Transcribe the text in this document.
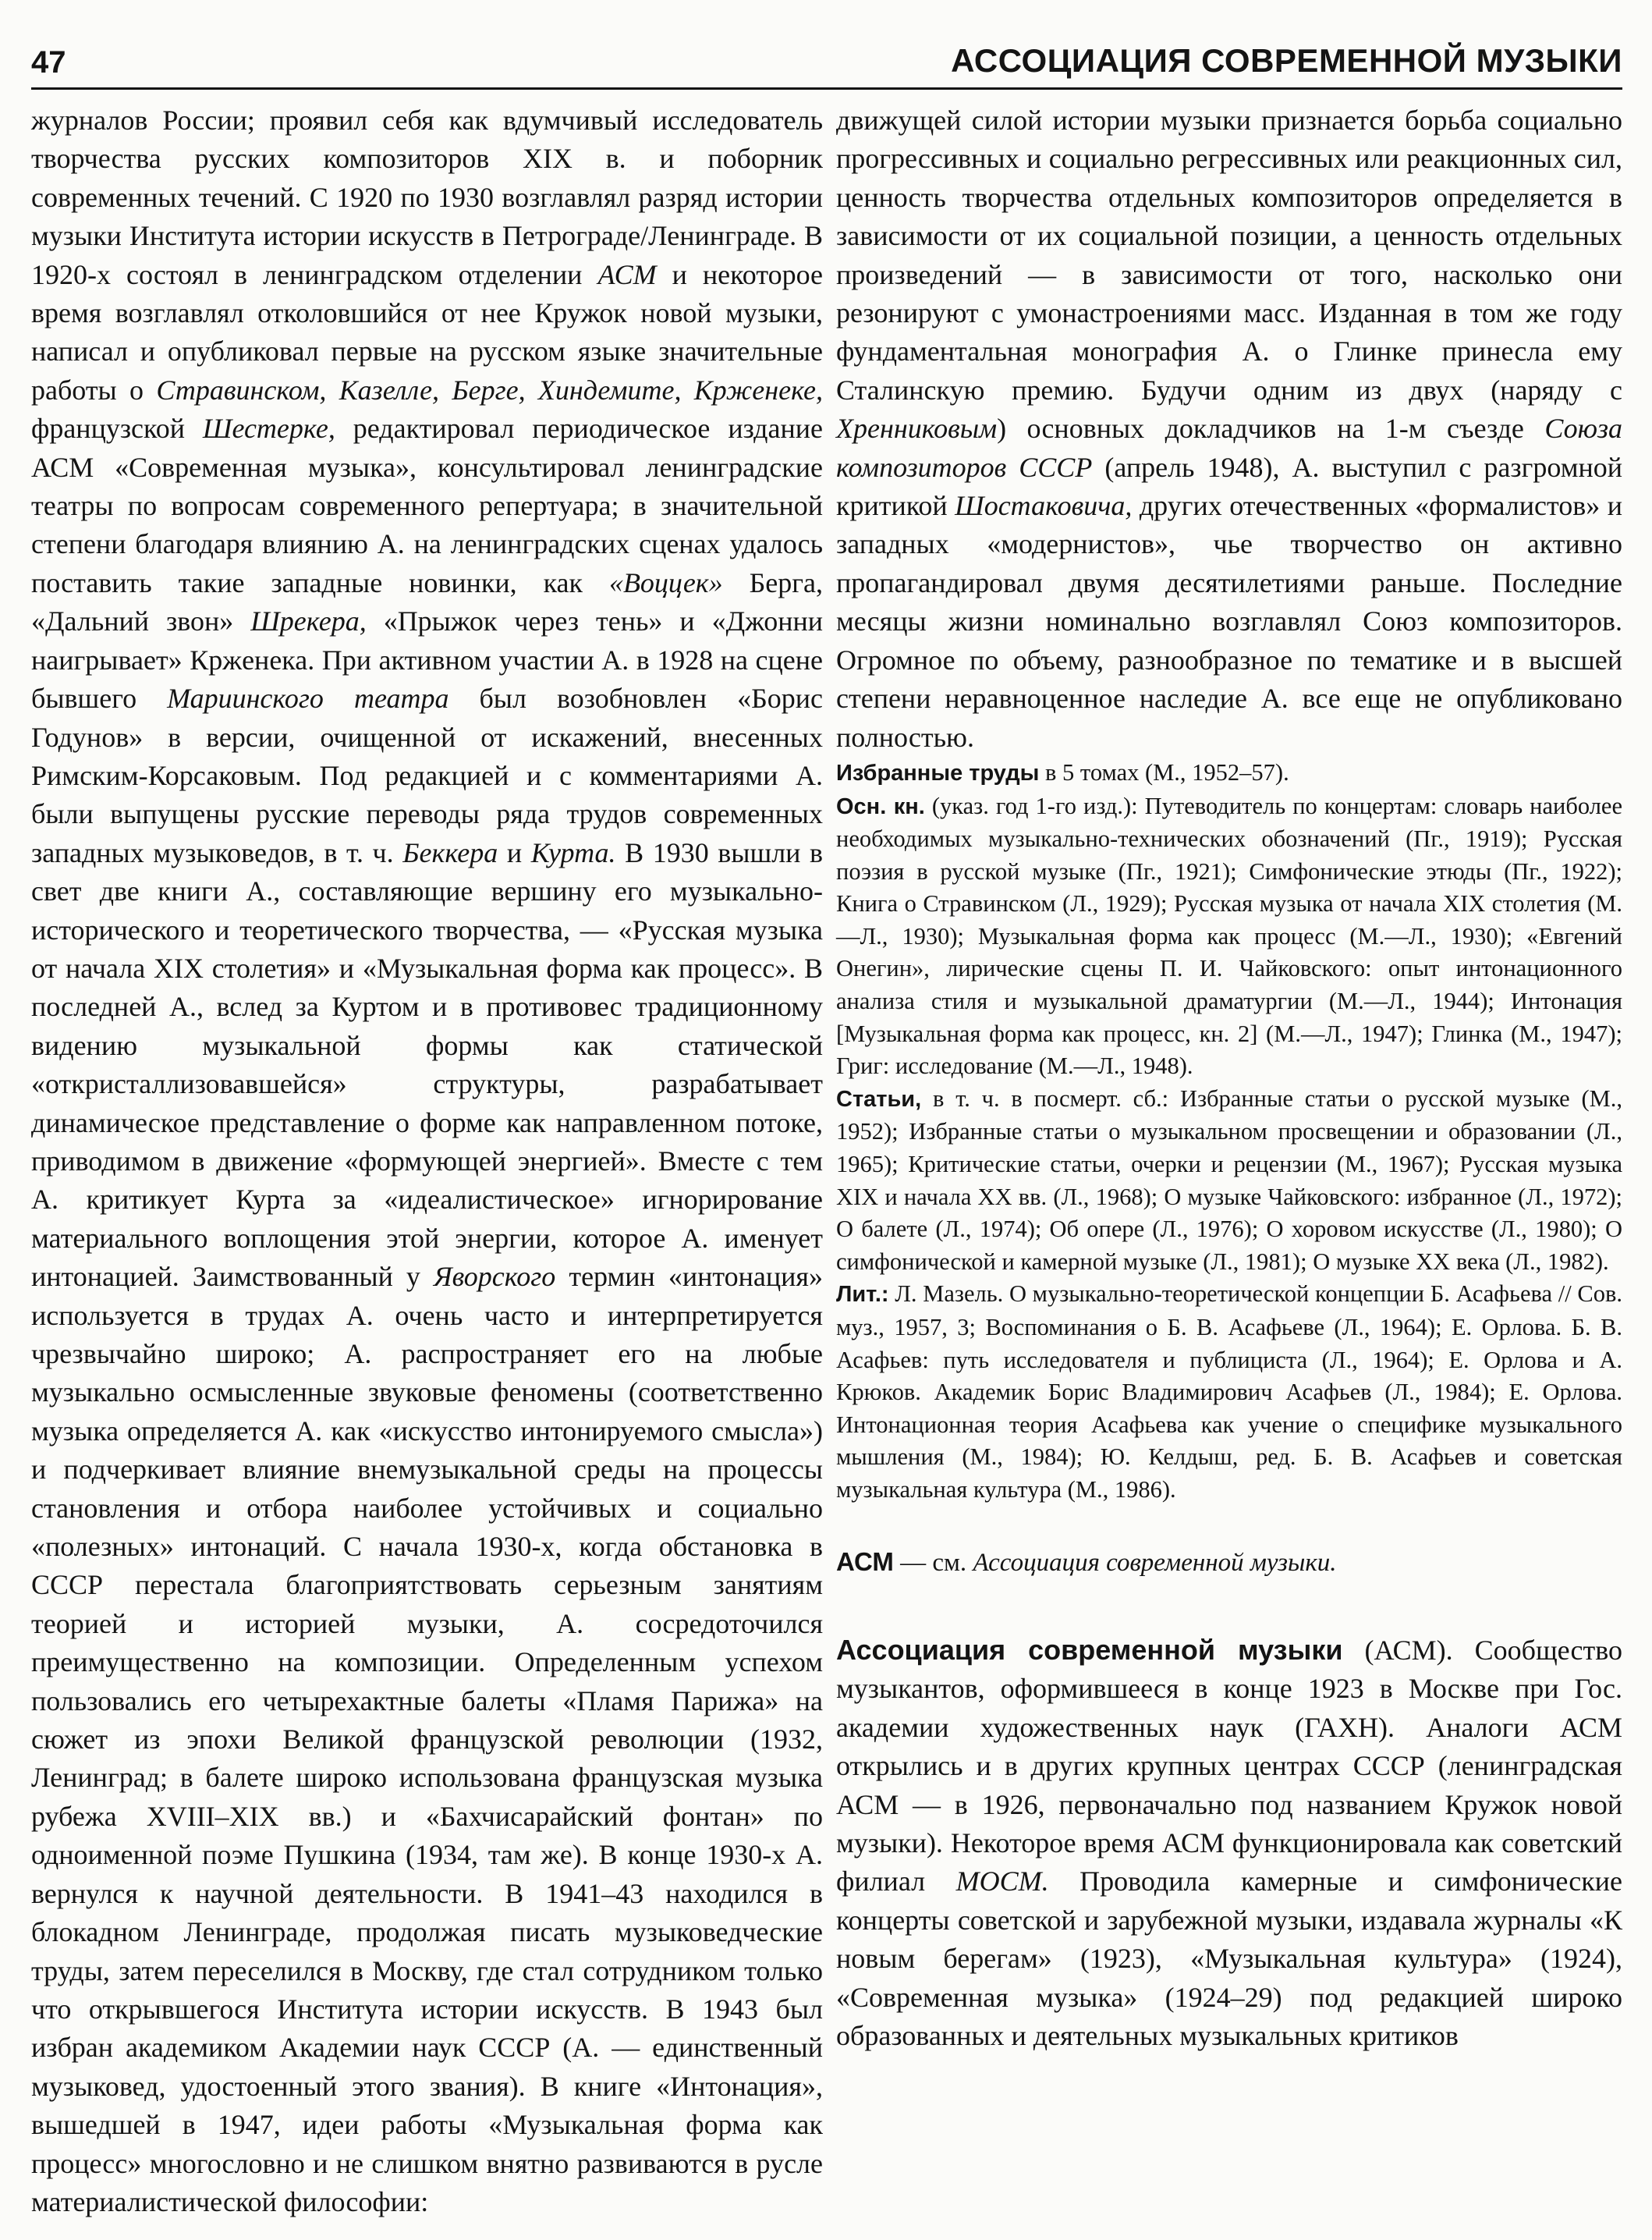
47	АССОЦИАЦИЯ СОВРЕМЕННОЙ МУЗЫКИ

журналов России; проявил себя как вдумчивый исследователь творчества русских композиторов XIX в. и поборник современных течений. С 1920 по 1930 возглавлял разряд истории музыки Института истории искусств в Петрограде/Ленинграде. В 1920-х состоял в ленинградском отделении АСМ и некоторое время возглавлял отколовшийся от нее Кружок новой музыки, написал и опубликовал первые на русском языке значительные работы о Стравинском, Казелле, Берге, Хиндемите, Кржeнеке, французской Шестерке, редактировал периодическое издание АСМ «Современная музыка», консультировал ленинградские театры по вопросам современного репертуара; в значительной степени благодаря влиянию А. на ленинградских сценах удалось поставить такие западные новинки, как «Воццек» Берга, «Дальний звон» Шрекера, «Прыжок через тень» и «Джонни наигрывает» Кржeнека. При активном участии А. в 1928 на сцене бывшего Мариинского театра был возобновлен «Борис Годунов» в версии, очищенной от искажений, внесенных Римским-Корсаковым. Под редакцией и с комментариями А. были выпущены русские переводы ряда трудов современных западных музыковедов, в т. ч. Беккера и Курта. В 1930 вышли в свет две книги А., составляющие вершину его музыкально-исторического и теоретического творчества, — «Русская музыка от начала XIX столетия» и «Музыкальная форма как процесс». В последней А., вслед за Куртом и в противовес традиционному видению музыкальной формы как статической «откристаллизовавшейся» структуры, разрабатывает динамическое представление о форме как направленном потоке, приводимом в движение «формующей энергией». Вместе с тем А. критикует Курта за «идеалистическое» игнорирование материального воплощения этой энергии, которое А. именует интонацией. Заимствованный у Яворского термин «интонация» используется в трудах А. очень часто и интерпретируется чрезвычайно широко; А. распространяет его на любые музыкально осмысленные звуковые феномены (соответственно музыка определяется А. как «искусство интонируемого смысла») и подчеркивает влияние внемузыкальной среды на процессы становления и отбора наиболее устойчивых и социально «полезных» интонаций. С начала 1930-х, когда обстановка в СССР перестала благоприятствовать серьезным занятиям теорией и историей музыки, А. сосредоточился преимущественно на композиции. Определенным успехом пользовались его четырехактные балеты «Пламя Парижа» на сюжет из эпохи Великой французской революции (1932, Ленинград; в балете широко использована французская музыка рубежа XVIII–XIX вв.) и «Бахчисарайский фонтан» по одноименной поэме Пушкина (1934, там же). В конце 1930-х А. вернулся к научной деятельности. В 1941–43 находился в блокадном Ленинграде, продолжая писать музыковедческие труды, затем переселился в Москву, где стал сотрудником только что открывшегося Института истории искусств. В 1943 был избран академиком Академии наук СССР (А. — единственный музыковед, удостоенный этого звания). В книге «Интонация», вышедшей в 1947, идеи работы «Музыкальная форма как процесс» многословно и не слишком внятно развиваются в русле материалистической философии:

движущей силой истории музыки признается борьба социально прогрессивных и социально регрессивных или реакционных сил, ценность творчества отдельных композиторов определяется в зависимости от их социальной позиции, а ценность отдельных произведений — в зависимости от того, насколько они резонируют с умонастроениями масс. Изданная в том же году фундаментальная монография А. о Глинке принесла ему Сталинскую премию. Будучи одним из двух (наряду с Хренниковым) основных докладчиков на 1-м съезде Союза композиторов СССР (апрель 1948), А. выступил с разгромной критикой Шостаковича, других отечественных «формалистов» и западных «модернистов», чье творчество он активно пропагандировал двумя десятилетиями раньше. Последние месяцы жизни номинально возглавлял Союз композиторов. Огромное по объему, разнообразное по тематике и в высшей степени неравноценное наследие А. все еще не опубликовано полностью.

Избранные труды в 5 томах (М., 1952–57).

Осн. кн. (указ. год 1-го изд.): Путеводитель по концертам: словарь наиболее необходимых музыкально-технических обозначений (Пг., 1919); Русская поэзия в русской музыке (Пг., 1921); Симфонические этюды (Пг., 1922); Книга о Стравинском (Л., 1929); Русская музыка от начала XIX столетия (М.—Л., 1930); Музыкальная форма как процесс (М.—Л., 1930); «Евгений Онегин», лирические сцены П. И. Чайковского: опыт интонационного анализа стиля и музыкальной драматургии (М.—Л., 1944); Интонация [Музыкальная форма как процесс, кн. 2] (М.—Л., 1947); Глинка (М., 1947); Григ: исследование (М.—Л., 1948).

Статьи, в т. ч. в посмерт. сб.: Избранные статьи о русской музыке (М., 1952); Избранные статьи о музыкальном просвещении и образовании (Л., 1965); Критические статьи, очерки и рецензии (М., 1967); Русская музыка XIX и начала XX вв. (Л., 1968); О музыке Чайковского: избранное (Л., 1972); О балете (Л., 1974); Об опере (Л., 1976); О хоровом искусстве (Л., 1980); О симфонической и камерной музыке (Л., 1981); О музыке XX века (Л., 1982).

Лит.: Л. Мазель. О музыкально-теоретической концепции Б. Асафьева // Сов. муз., 1957, 3; Воспоминания о Б. В. Асафьеве (Л., 1964); Е. Орлова. Б. В. Асафьев: путь исследователя и публициста (Л., 1964); Е. Орлова и А. Крюков. Академик Борис Владимирович Асафьев (Л., 1984); Е. Орлова. Интонационная теория Асафьева как учение о специфике музыкального мышления (М., 1984); Ю. Келдыш, ред. Б. В. Асафьев и советская музыкальная культура (М., 1986).

АСМ — см. Ассоциация современной музыки.

Ассоциация современной музыки (АСМ). Сообщество музыкантов, оформившееся в конце 1923 в Москве при Гос. академии художественных наук (ГАХН). Аналоги АСМ открылись и в других крупных центрах СССР (ленинградская АСМ — в 1926, первоначально под названием Кружок новой музыки). Некоторое время АСМ функционировала как советский филиал МОСМ. Проводила камерные и симфонические концерты советской и зарубежной музыки, издавала журналы «К новым берегам» (1923), «Музыкальная культура» (1924), «Современная музыка» (1924–29) под редакцией широко образованных и деятельных музыкальных критиков
